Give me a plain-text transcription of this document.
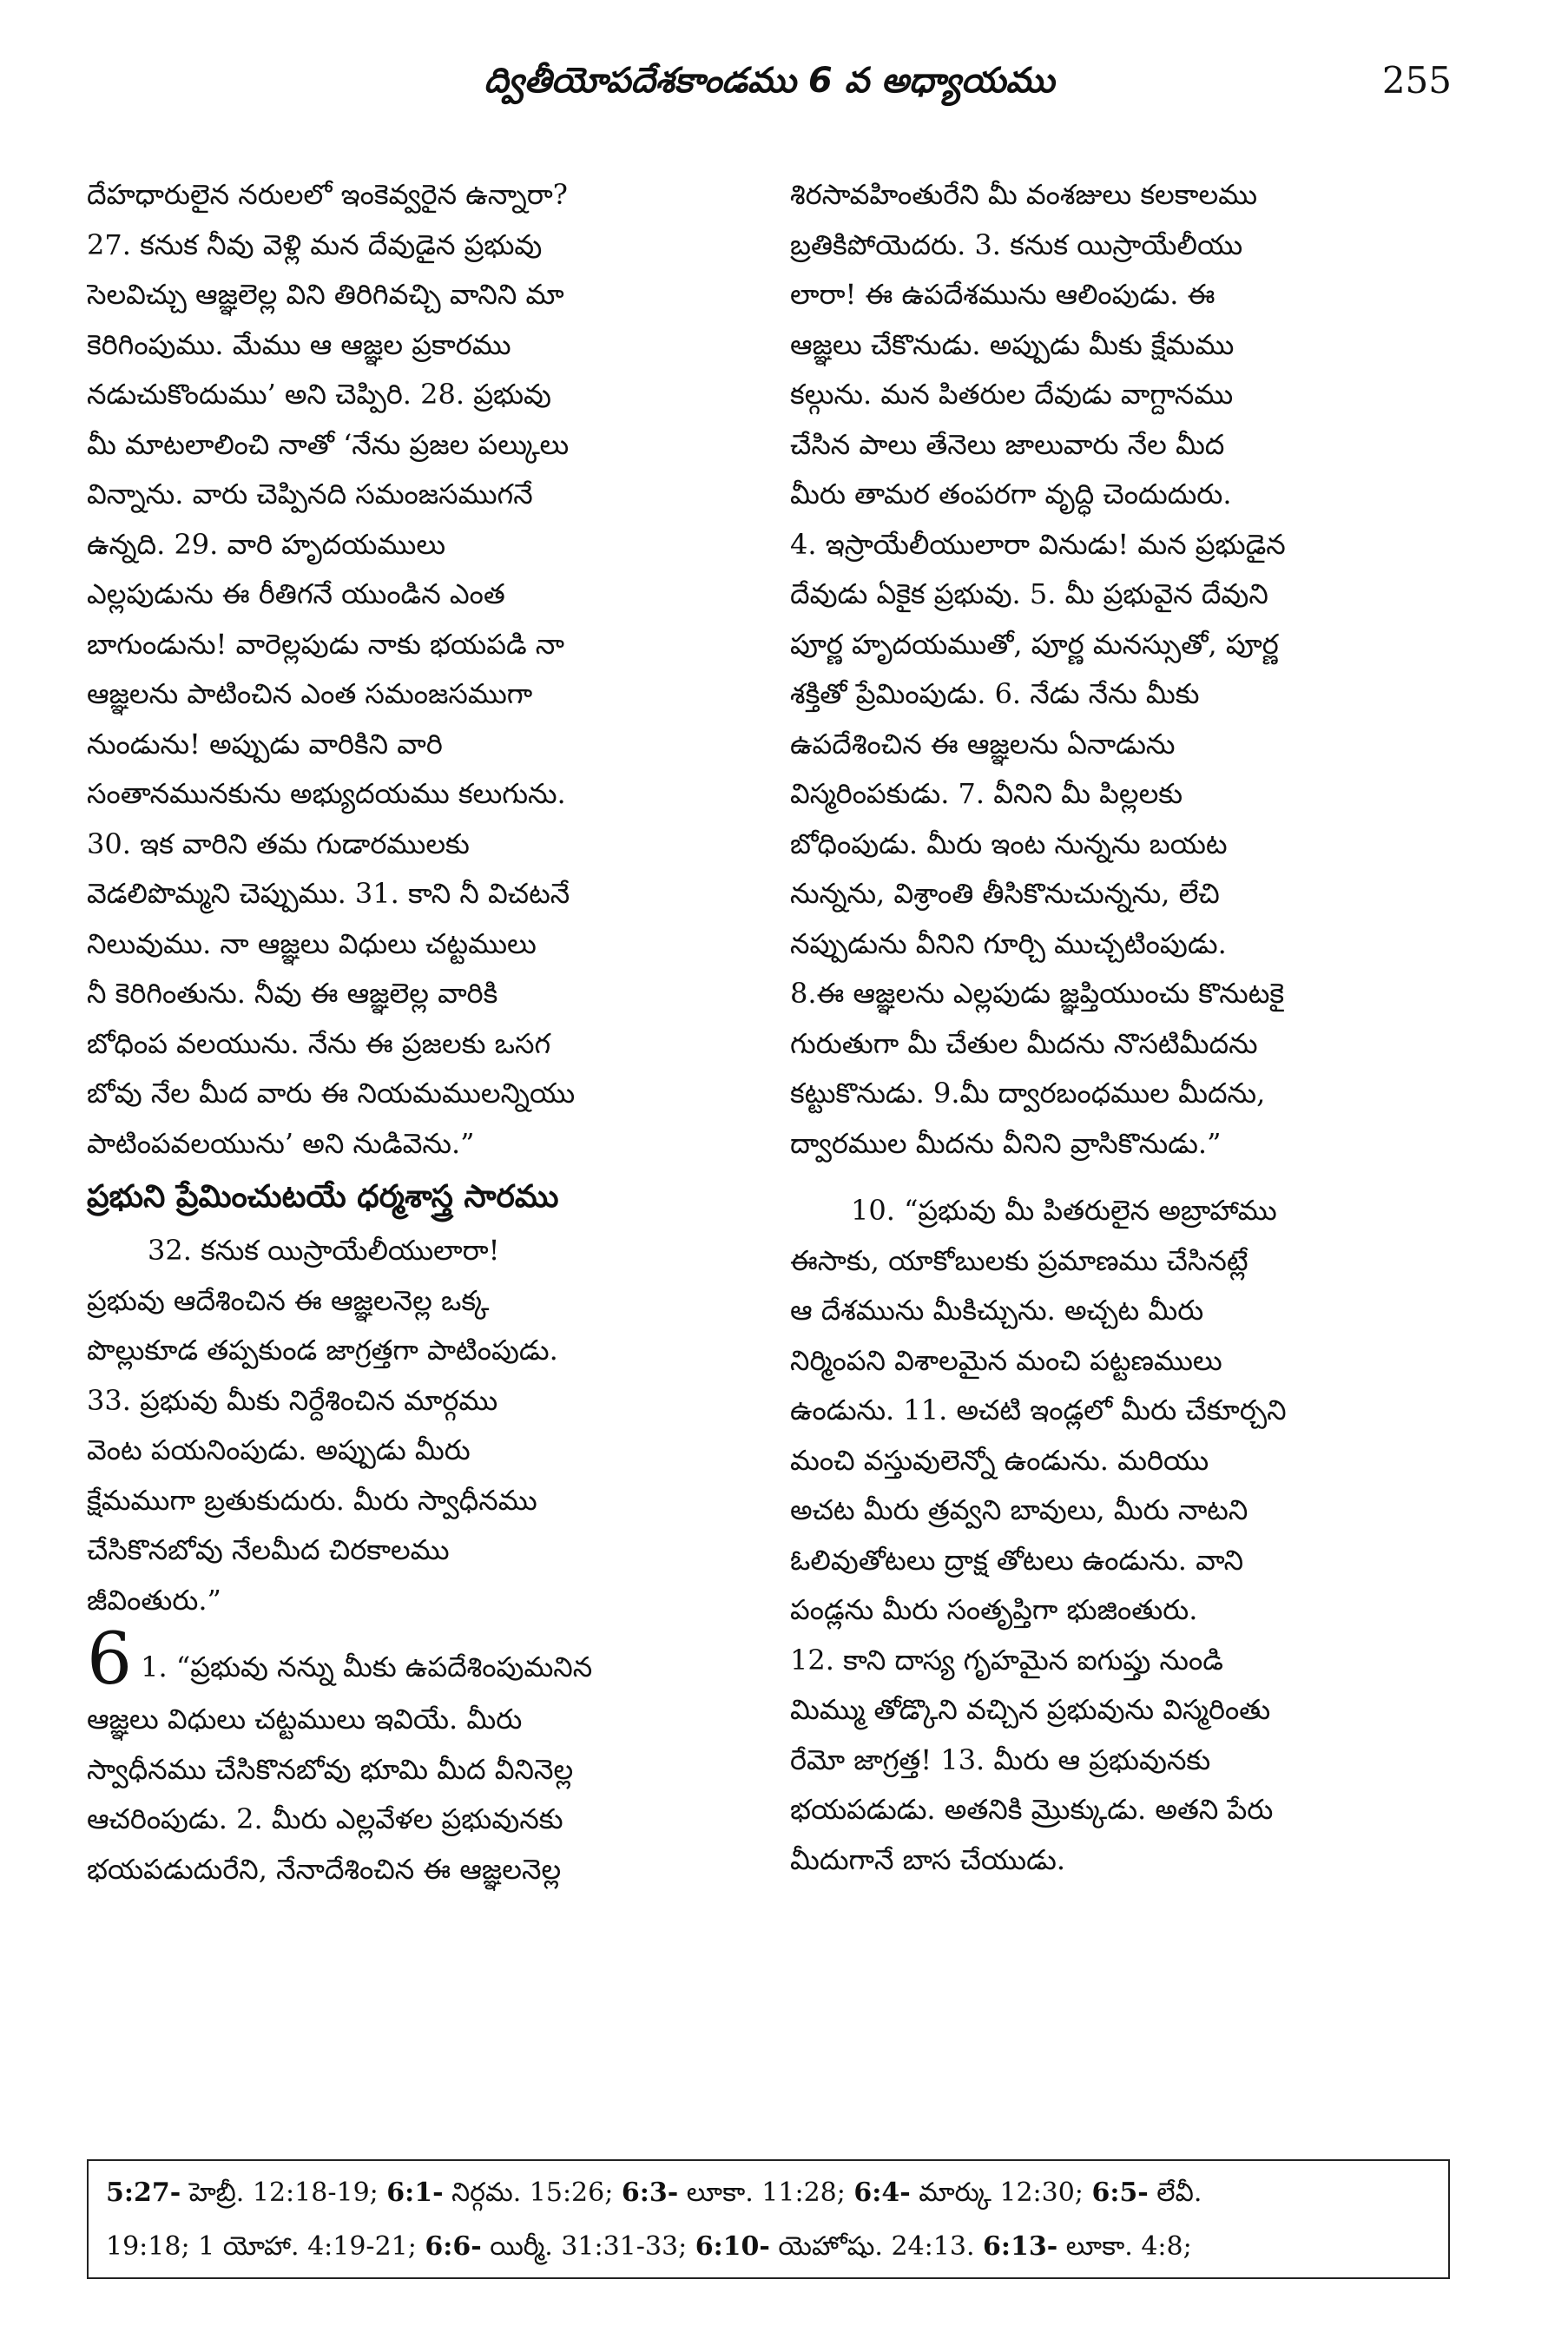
ద్వితీయోపదేశకాండము 6 వ అధ్యాయము	255
దేహధారులైన నరులలో ఇంకెవ్వరైన ఉన్నారా?
27. కనుక నీవు వెళ్లి మన దేవుడైన ప్రభువు
సెలవిచ్చు ఆజ్ఞలెల్ల విని తిరిగివచ్చి వానిని మా
కెరిగింపుము. మేము ఆ ఆజ్ఞల ప్రకారము
నడుచుకొందుము’ అని చెప్పిరి. 28. ప్రభువు
మీ మాటలాలించి నాతో ‘నేను ప్రజల పల్కులు
విన్నాను. వారు చెప్పినది సమంజసముగనే
ఉన్నది. 29. వారి హృదయములు
ఎల్లపుడును ఈ రీతిగనే యుండిన ఎంత
బాగుండును! వారెల్లపుడు నాకు భయపడి నా
ఆజ్ఞలను పాటించిన ఎంత సమంజసముగా
నుండును! అప్పుడు వారికిని వారి
సంతానమునకును అభ్యుదయము కలుగును.
30. ఇక వారిని తమ గుడారములకు
వెడలిపొమ్మని చెప్పుము. 31. కాని నీ విచటనే
నిలువుము. నా ఆజ్ఞలు విధులు చట్టములు
నీ కెరిగింతును. నీవు ఈ ఆజ్ఞలెల్ల వారికి
బోధింప వలయును. నేను ఈ ప్రజలకు ఒసగ
బోవు నేల మీద వారు ఈ నియమములన్నియు
పాటింపవలయును’ అని నుడివెను.”
ప్రభుని ప్రేమించుటయే ధర్మశాస్త్ర సారము
32. కనుక యిస్రాయేలీయులారా!
ప్రభువు ఆదేశించిన ఈ ఆజ్ఞలనెల్ల ఒక్క
పొల్లుకూడ తప్పకుండ జాగ్రత్తగా పాటింపుడు.
33. ప్రభువు మీకు నిర్దేశించిన మార్గము
వెంట పయనింపుడు. అప్పుడు మీరు
క్షేమముగా బ్రతుకుదురు. మీరు స్వాధీనము
చేసికొనబోవు నేలమీద చిరకాలము
జీవింతురు.”
6 1. “ప్రభువు నన్ను మీకు ఉపదేశింపుమనిన
ఆజ్ఞలు విధులు చట్టములు ఇవియే. మీరు
స్వాధీనము చేసికొనబోవు భూమి మీద వీనినెల్ల
ఆచరింపుడు. 2. మీరు ఎల్లవేళల ప్రభువునకు
భయపడుదురేని, నేనాదేశించిన ఈ ఆజ్ఞలనెల్ల
శిరసావహింతురేని మీ వంశజులు కలకాలము
బ్రతికిపోయెదరు. 3. కనుక యిస్రాయేలీయు
లారా! ఈ ఉపదేశమును ఆలింపుడు. ఈ
ఆజ్ఞలు చేకొనుడు. అప్పుడు మీకు క్షేమము
కల్గును. మన పితరుల దేవుడు వాగ్దానము
చేసిన పాలు తేనెలు జాలువారు నేల మీద
మీరు తామర తంపరగా వృద్ధి చెందుదురు.
4. ఇస్రాయేలీయులారా వినుడు! మన ప్రభుడైన
దేవుడు ఏకైక ప్రభువు. 5. మీ ప్రభువైన దేవుని
పూర్ణ హృదయముతో, పూర్ణ మనస్సుతో, పూర్ణ
శక్తితో ప్రేమింపుడు. 6. నేడు నేను మీకు
ఉపదేశించిన ఈ ఆజ్ఞలను ఏనాడును
విస్మరింపకుడు. 7. వీనిని మీ పిల్లలకు
బోధింపుడు. మీరు ఇంట నున్నను బయట
నున్నను, విశ్రాంతి తీసికొనుచున్నను, లేచి
నప్పుడును వీనిని గూర్చి ముచ్చటింపుడు.
8.ఈ ఆజ్ఞలను ఎల్లపుడు జ్ఞప్తియుంచు కొనుటకై
గురుతుగా మీ చేతుల మీదను నొసటిమీదను
కట్టుకొనుడు. 9.మీ ద్వారబంధముల మీదను,
ద్వారముల మీదను వీనిని వ్రాసికొనుడు.”
10. “ప్రభువు మీ పితరులైన అబ్రాహాము
ఈసాకు, యాకోబులకు ప్రమాణము చేసినట్లే
ఆ దేశమును మీకిచ్చును. అచ్చట మీరు
నిర్మింపని విశాలమైన మంచి పట్టణములు
ఉండును. 11. అచటి ఇండ్లలో మీరు చేకూర్చని
మంచి వస్తువులెన్నో ఉండును. మరియు
అచట మీరు త్రవ్వని బావులు, మీరు నాటని
ఓలివుతోటలు ద్రాక్ష తోటలు ఉండును. వాని
పండ్లను మీరు సంతృప్తిగా భుజింతురు.
12. కాని దాస్య గృహమైన ఐగుప్తు నుండి
మిమ్ము తోడ్కొని వచ్చిన ప్రభువును విస్మరింతు
రేమో జాగ్రత్త! 13. మీరు ఆ ప్రభువునకు
భయపడుడు. అతనికి మ్రొక్కుడు. అతని పేరు
మీదుగానే బాస చేయుడు.
5:27- హెబ్రీ. 12:18-19; 6:1- నిర్గమ. 15:26; 6:3- లూకా. 11:28; 6:4- మార్కు 12:30; 6:5- లేవీ.
19:18; 1 యోహా. 4:19-21; 6:6- యిర్మీ. 31:31-33; 6:10- యెహోషు. 24:13. 6:13- లూకా. 4:8;
